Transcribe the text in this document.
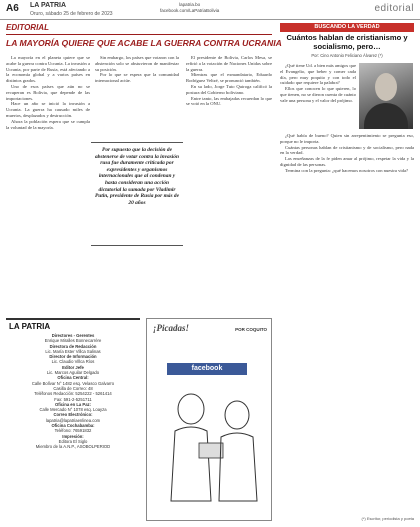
A6 LA PATRIA
Oruro, sábado 25 de febrero de 2023
lapatria.bo
facebook.com/LaPatriaBolivia	editorial
EDITORIAL
LA MAYORÍA QUIERE QUE ACABE LA GUERRA CONTRA UCRANIA

La mayoría en el planeta quiere que se acabe la guerra contra Ucrania. La invasión a Ucrania, por parte de Rusia, está afectando a la economía global y a varios países en distintos grados.

Uno de esos países que aún no se recuperan es Bolivia, que depende de las importaciones.

Hace un año se inició la invasión a Ucrania. La guerra ha causado miles de muertos, desplazados y destrucción.

Ahora la población espera que se cumpla la voluntad de la mayoría.

Sin embargo, los países que votaron con la abstención solo se abstuvieron de manifestar su posición.

Por lo que se espera que la comunidad internacional actúe.

Por supuesto que la decisión de abstenerse de votar contra la invasión rusa fue duramente criticada por expresidentes y organismos internacionales que al condenan y hasta consideran una acción dictatorial la sumada por Vladimir Putin, presidente de Rusia por más de 20 años

El presidente de Bolivia, Carlos Mesa, se refirió a la votación de Naciones Unidas sobre la guerra.

Mientras que el exmandatario, Eduardo Rodríguez Veltzé, se pronunció también.

En su lado, Jorge Tuto Quiroga calificó la postura del Gobierno boliviano.

Entre tanto, las embajadas recuerdan lo que se votó en la ONU.

BUSCANDO LA VERDAD
Cuántos hablan de cristianismo y socialismo, pero…
Por: Cino Antonio Feliciano Álvarez (*)

¿Qué tiene Ud. a bien más amigos que el Evangelio, que beber y comer cada día, pero muy poquito y con todo el cuidado que requiere la palabra?

Ellos que conocen lo que quieren, lo que tienen, no se dieron cuenta de cuánto vale una persona y el valor del prójimo.

¿Qué había de bueno? Quien sin arrepentimiento se pregunta eso, porque no le importa.

Cuántas personas hablan de cristianismo y de socialismo, pero nada en la verdad.

Las enseñanzas de la fe piden amar al prójimo, respetar la vida y la dignidad de las personas.

Termina con la pregunta: ¿qué hacemos nosotros con nuestra vida?

LA PATRIA
Directores - Gerentes
Enrique Miralles Bonnecarrère
Directora de Redacción
Lic. María Ester Villca Salinas
Director de Información
Lic. Claudio Villca Ríos
Editor Jefe
Lic. Marcos Aguilar Delgado
Oficina Central:
Calle Bolívar N° 1482 esq. Velasco Galvarro
Casilla de Correo: 48
Teléfonos Redacción: 5254222 - 5261414
Fax: 591-2-5251711
Oficina en La Paz:
Calle Mercado N° 1078 esq. Loayza
Correo Electrónico:
lapatria@lapatriaenlinea.com
Oficina Cochabamba:
Teléfono: 76591832
Impresión:
Editora El Siglo
Miembro de la A.N.P., ASOBOLPERIOD
¡Picadas!	POR COQUITO
facebook
(*) Escritor, periodista y poeta
